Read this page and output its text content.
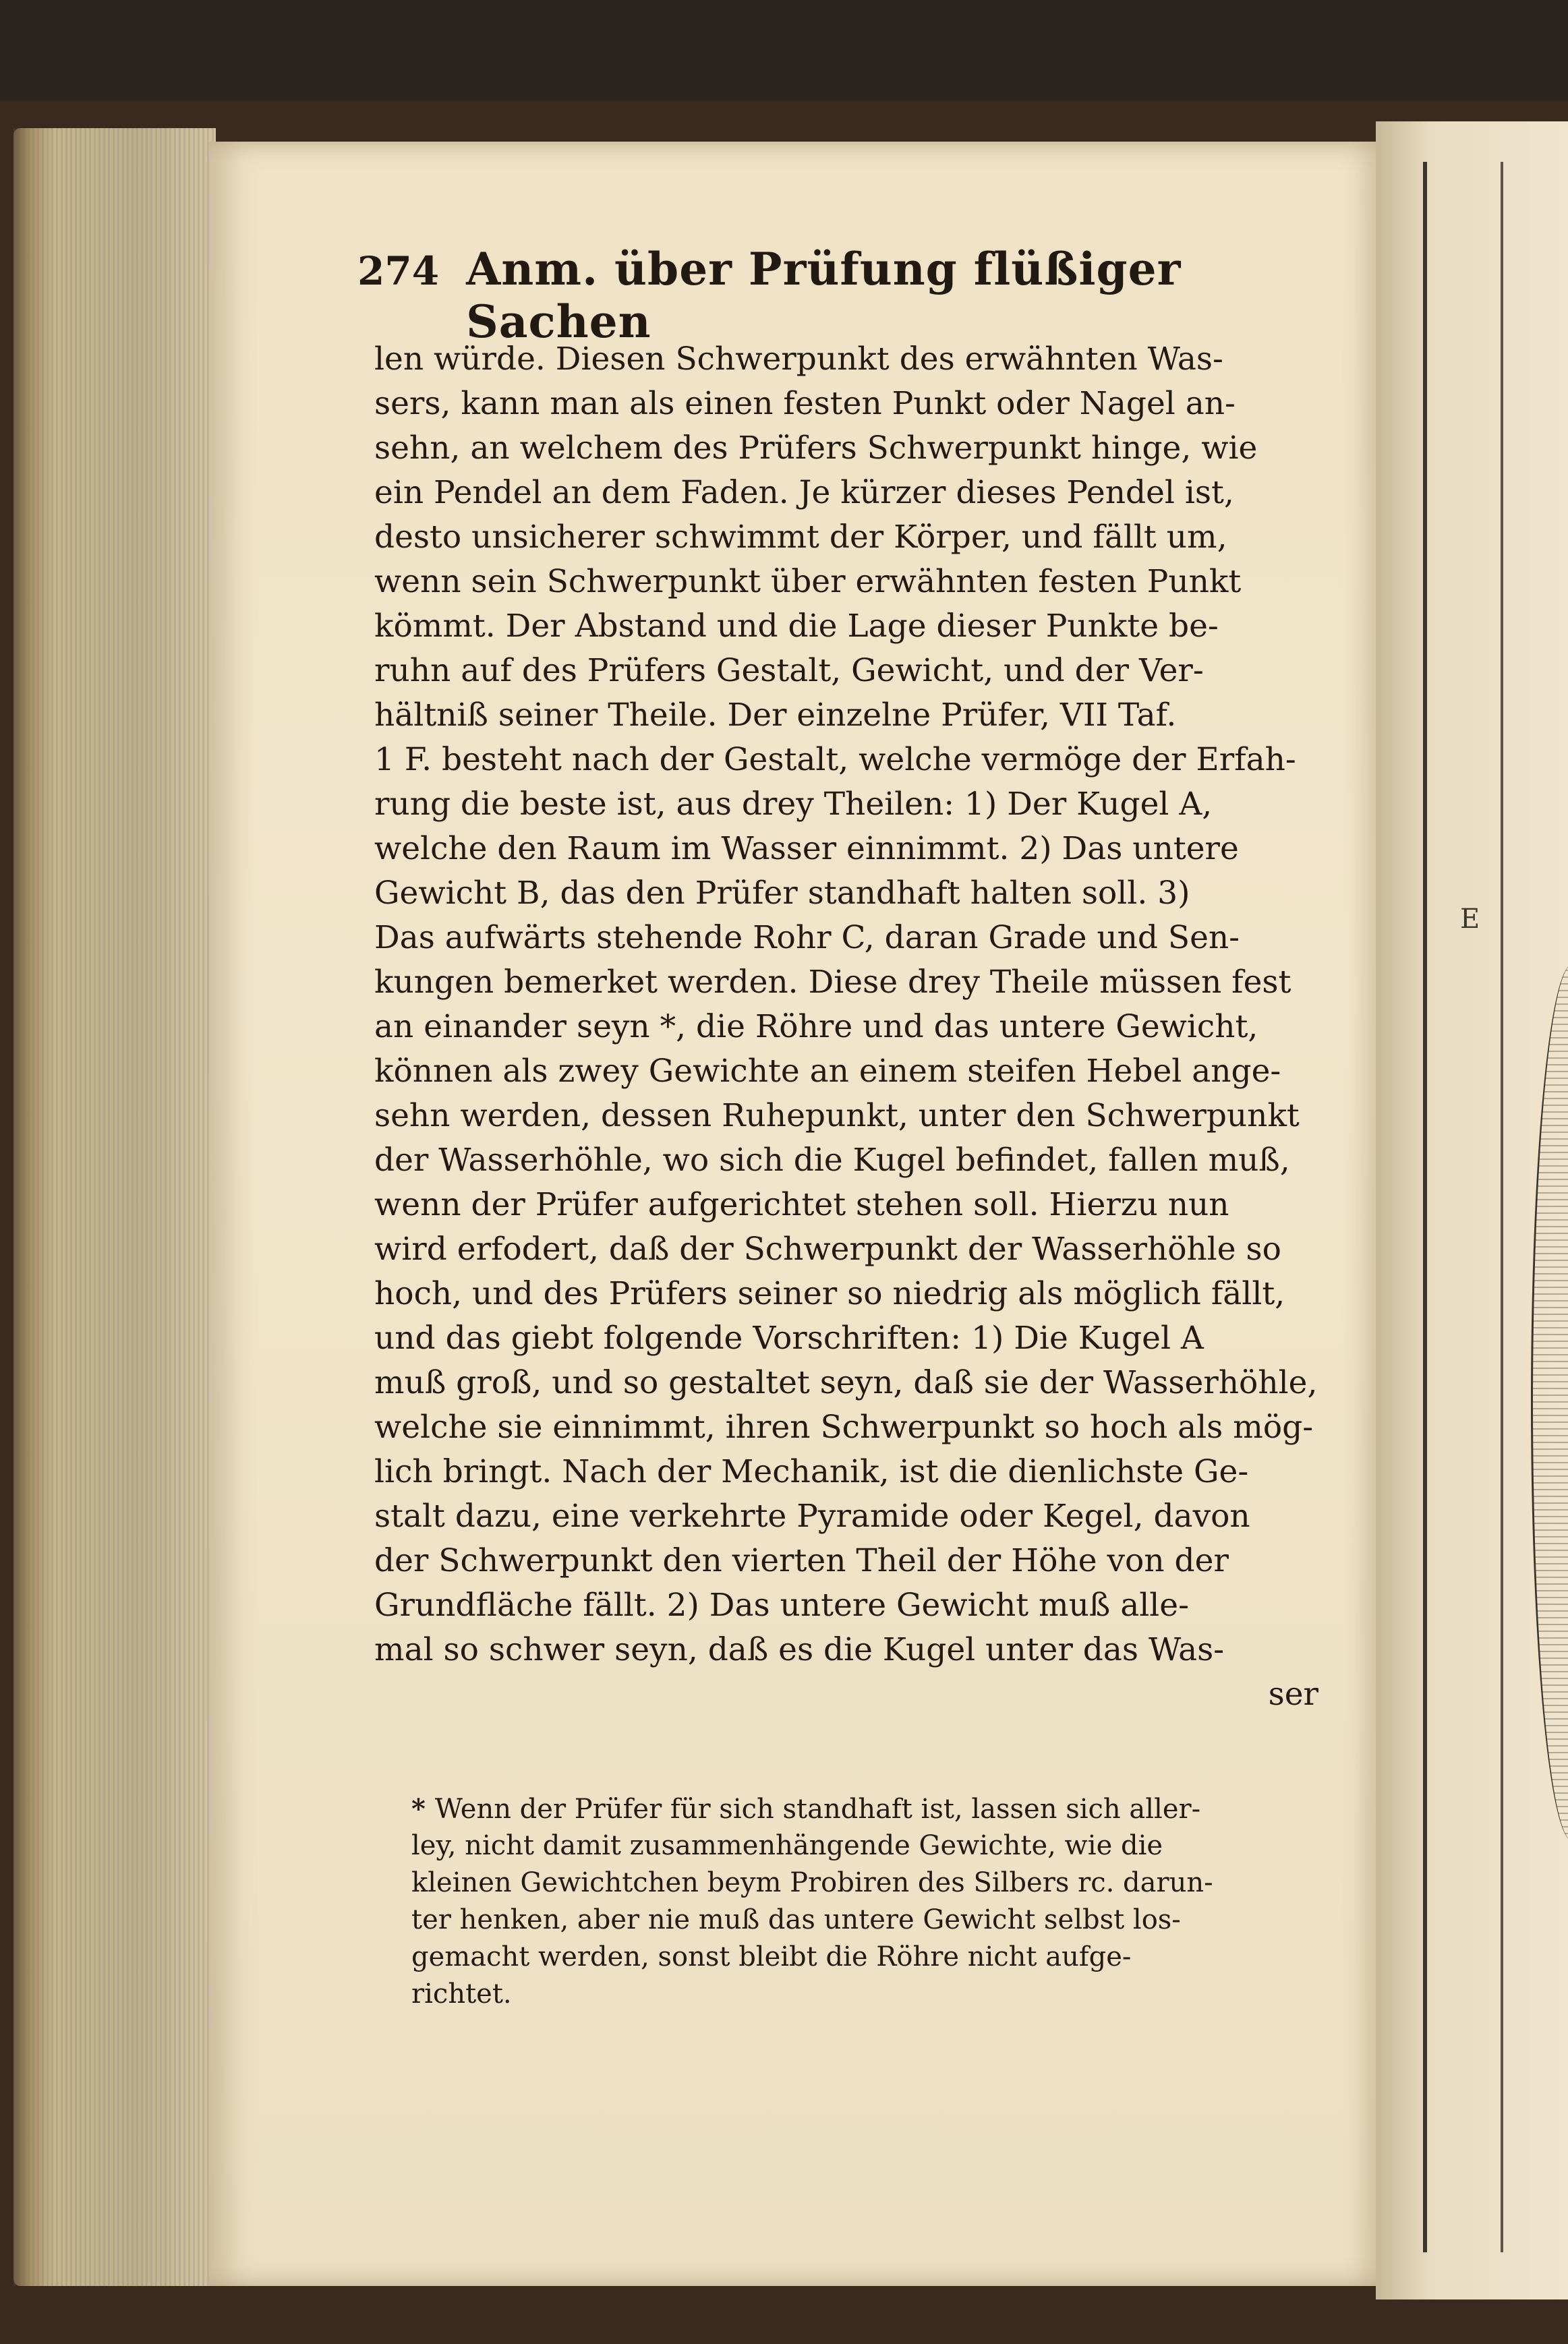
E
274 Anm. über Prüfung flüßiger Sachen
len würde. Diesen Schwerpunkt des erwähnten Was-
sers, kann man als einen festen Punkt oder Nagel an-
sehn, an welchem des Prüfers Schwerpunkt hinge, wie
ein Pendel an dem Faden. Je kürzer dieses Pendel ist,
desto unsicherer schwimmt der Körper, und fällt um,
wenn sein Schwerpunkt über erwähnten festen Punkt
kömmt. Der Abstand und die Lage dieser Punkte be-
ruhn auf des Prüfers Gestalt, Gewicht, und der Ver-
hältniß seiner Theile. Der einzelne Prüfer, VII Taf.
1 F. besteht nach der Gestalt, welche vermöge der Erfah-
rung die beste ist, aus drey Theilen: 1) Der Kugel A,
welche den Raum im Wasser einnimmt. 2) Das untere
Gewicht B, das den Prüfer standhaft halten soll. 3)
Das aufwärts stehende Rohr C, daran Grade und Sen-
kungen bemerket werden. Diese drey Theile müssen fest
an einander seyn *, die Röhre und das untere Gewicht,
können als zwey Gewichte an einem steifen Hebel ange-
sehn werden, dessen Ruhepunkt, unter den Schwerpunkt
der Wasserhöhle, wo sich die Kugel befindet, fallen muß,
wenn der Prüfer aufgerichtet stehen soll. Hierzu nun
wird erfodert, daß der Schwerpunkt der Wasserhöhle so
hoch, und des Prüfers seiner so niedrig als möglich fällt,
und das giebt folgende Vorschriften: 1) Die Kugel A
muß groß, und so gestaltet seyn, daß sie der Wasserhöhle,
welche sie einnimmt, ihren Schwerpunkt so hoch als mög-
lich bringt. Nach der Mechanik, ist die dienlichste Ge-
stalt dazu, eine verkehrte Pyramide oder Kegel, davon
der Schwerpunkt den vierten Theil der Höhe von der
Grundfläche fällt. 2) Das untere Gewicht muß alle-
mal so schwer seyn, daß es die Kugel unter das Was-
ser
* Wenn der Prüfer für sich standhaft ist, lassen sich aller-
ley, nicht damit zusammenhängende Gewichte, wie die
kleinen Gewichtchen beym Probiren des Silbers rc. darun-
ter henken, aber nie muß das untere Gewicht selbst los-
gemacht werden, sonst bleibt die Röhre nicht aufge-
richtet.
